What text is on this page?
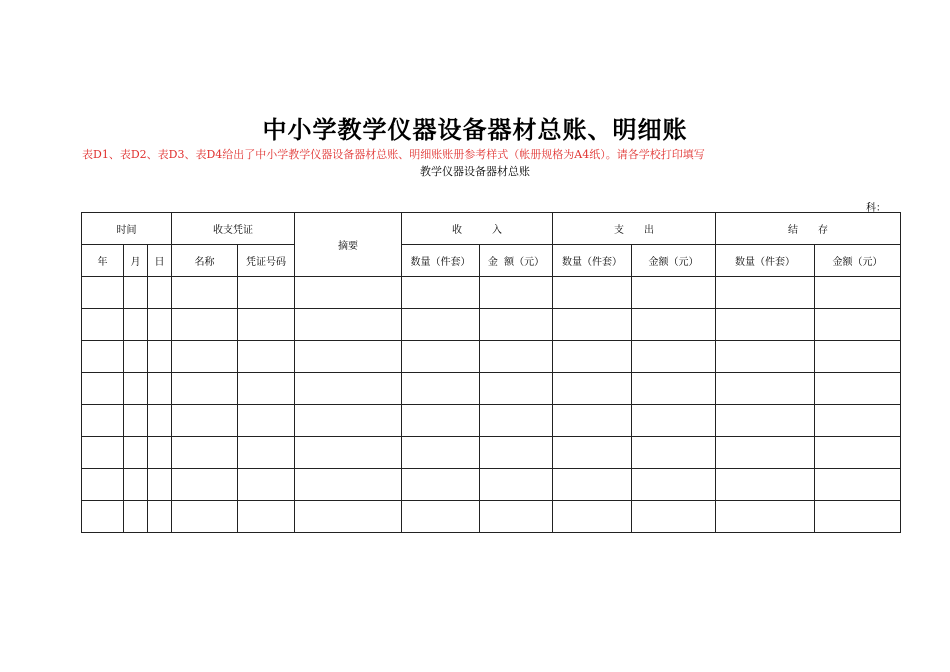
中小学教学仪器设备器材总账、明细账
表D1、表D2、表D3、表D4给出了中小学教学仪器设备器材总账、明细账账册参考样式（帐册规格为A4纸）。请各学校打印填写
教学仪器设备器材总账
科：
时间			收支凭证		摘要	收　　　入		支　　出		结　　存	
年	月	日	名称	凭证号码		数量（件套）	金  额（元）	数量（件套）	金额（元）	数量（件套）	金额（元）
